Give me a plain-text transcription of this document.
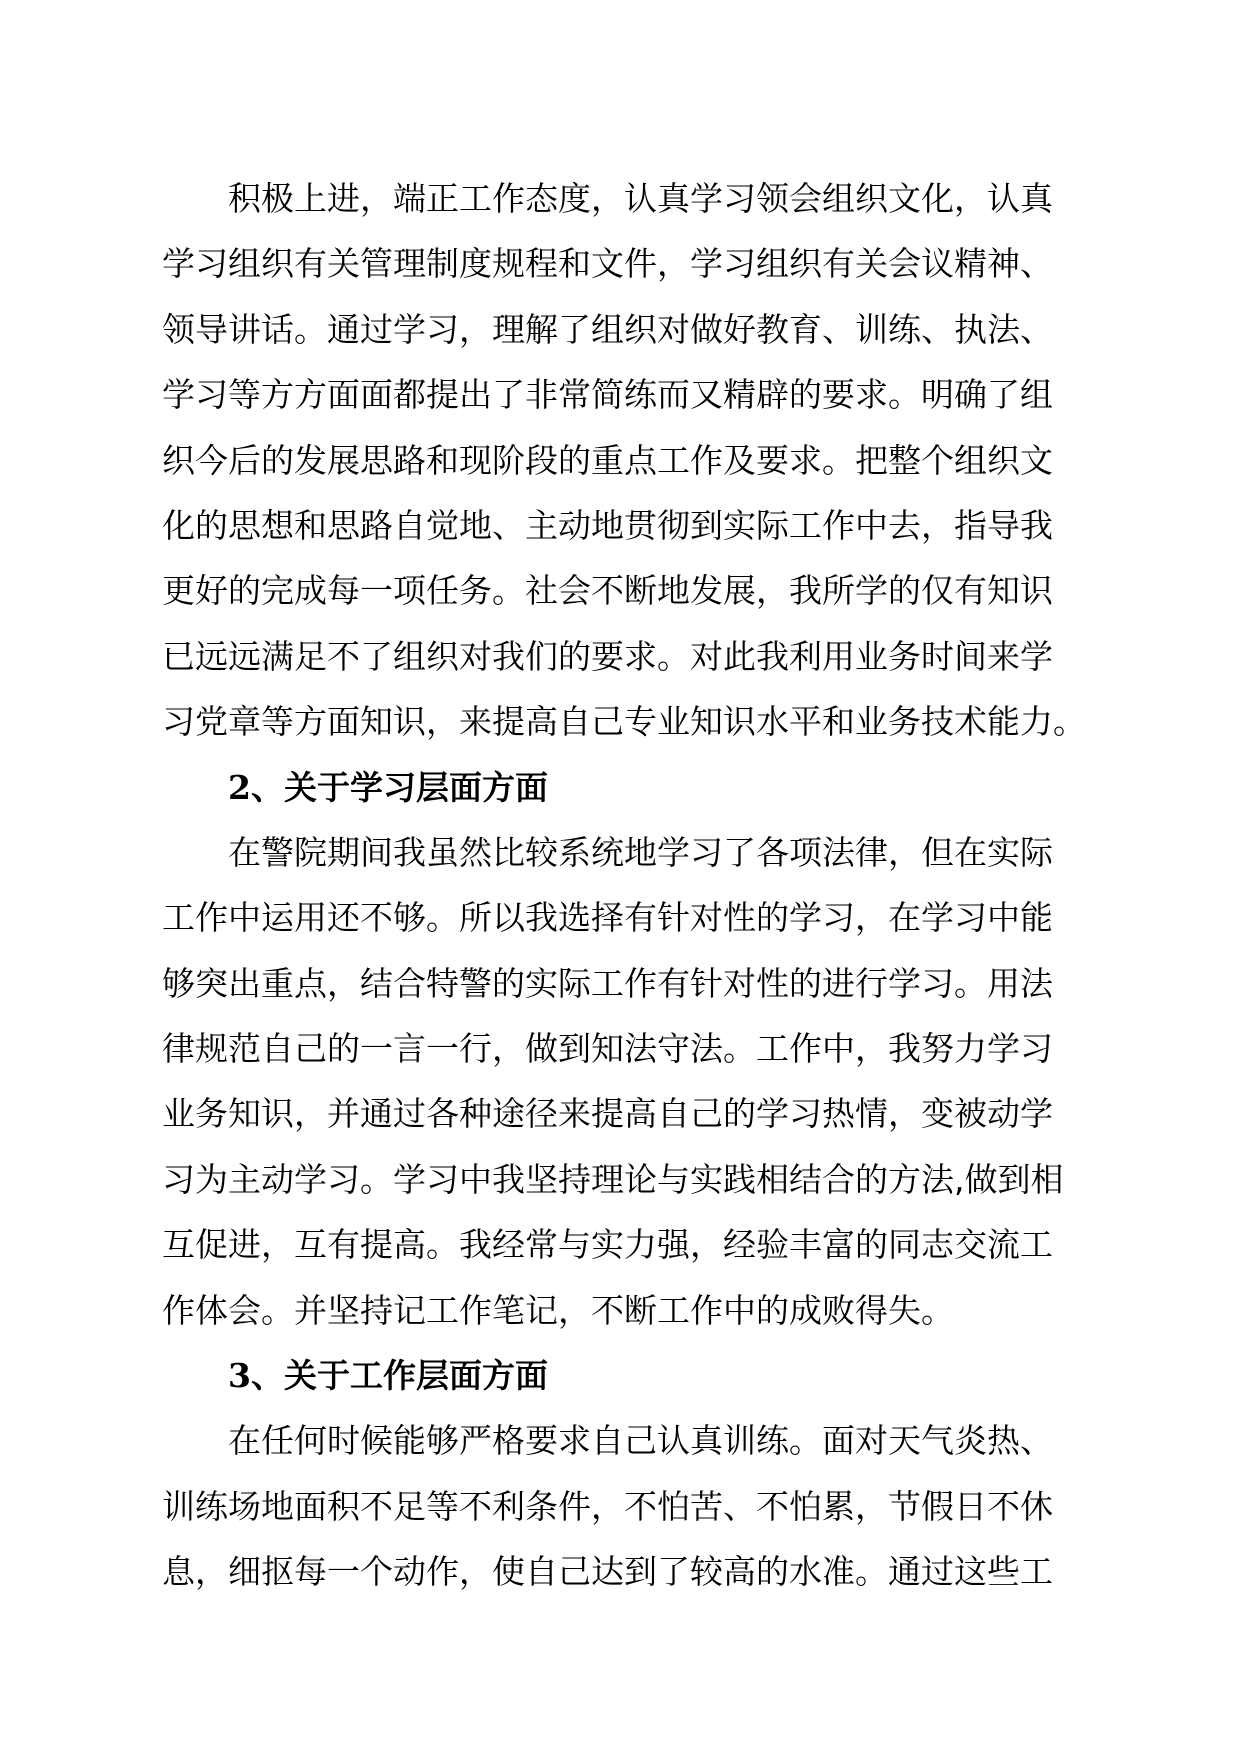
积极上进，端正工作态度，认真学习领会组织文化，认真
学习组织有关管理制度规程和文件，学习组织有关会议精神、
领导讲话。通过学习，理解了组织对做好教育、训练、执法、
学习等方方面面都提出了非常简练而又精辟的要求。明确了组
织今后的发展思路和现阶段的重点工作及要求。把整个组织文
化的思想和思路自觉地、主动地贯彻到实际工作中去，指导我
更好的完成每一项任务。社会不断地发展，我所学的仅有知识
已远远满足不了组织对我们的要求。对此我利用业务时间来学
习党章等方面知识，来提高自己专业知识水平和业务技术能力。
2、关于学习层面方面
在警院期间我虽然比较系统地学习了各项法律，但在实际
工作中运用还不够。所以我选择有针对性的学习，在学习中能
够突出重点，结合特警的实际工作有针对性的进行学习。用法
律规范自己的一言一行，做到知法守法。工作中，我努力学习
业务知识，并通过各种途径来提高自己的学习热情，变被动学
习为主动学习。学习中我坚持理论与实践相结合的方法,做到相
互促进，互有提高。我经常与实力强，经验丰富的同志交流工
作体会。并坚持记工作笔记，不断工作中的成败得失。
3、关于工作层面方面
在任何时候能够严格要求自己认真训练。面对天气炎热、
训练场地面积不足等不利条件，不怕苦、不怕累，节假日不休
息，细抠每一个动作，使自己达到了较高的水准。通过这些工
